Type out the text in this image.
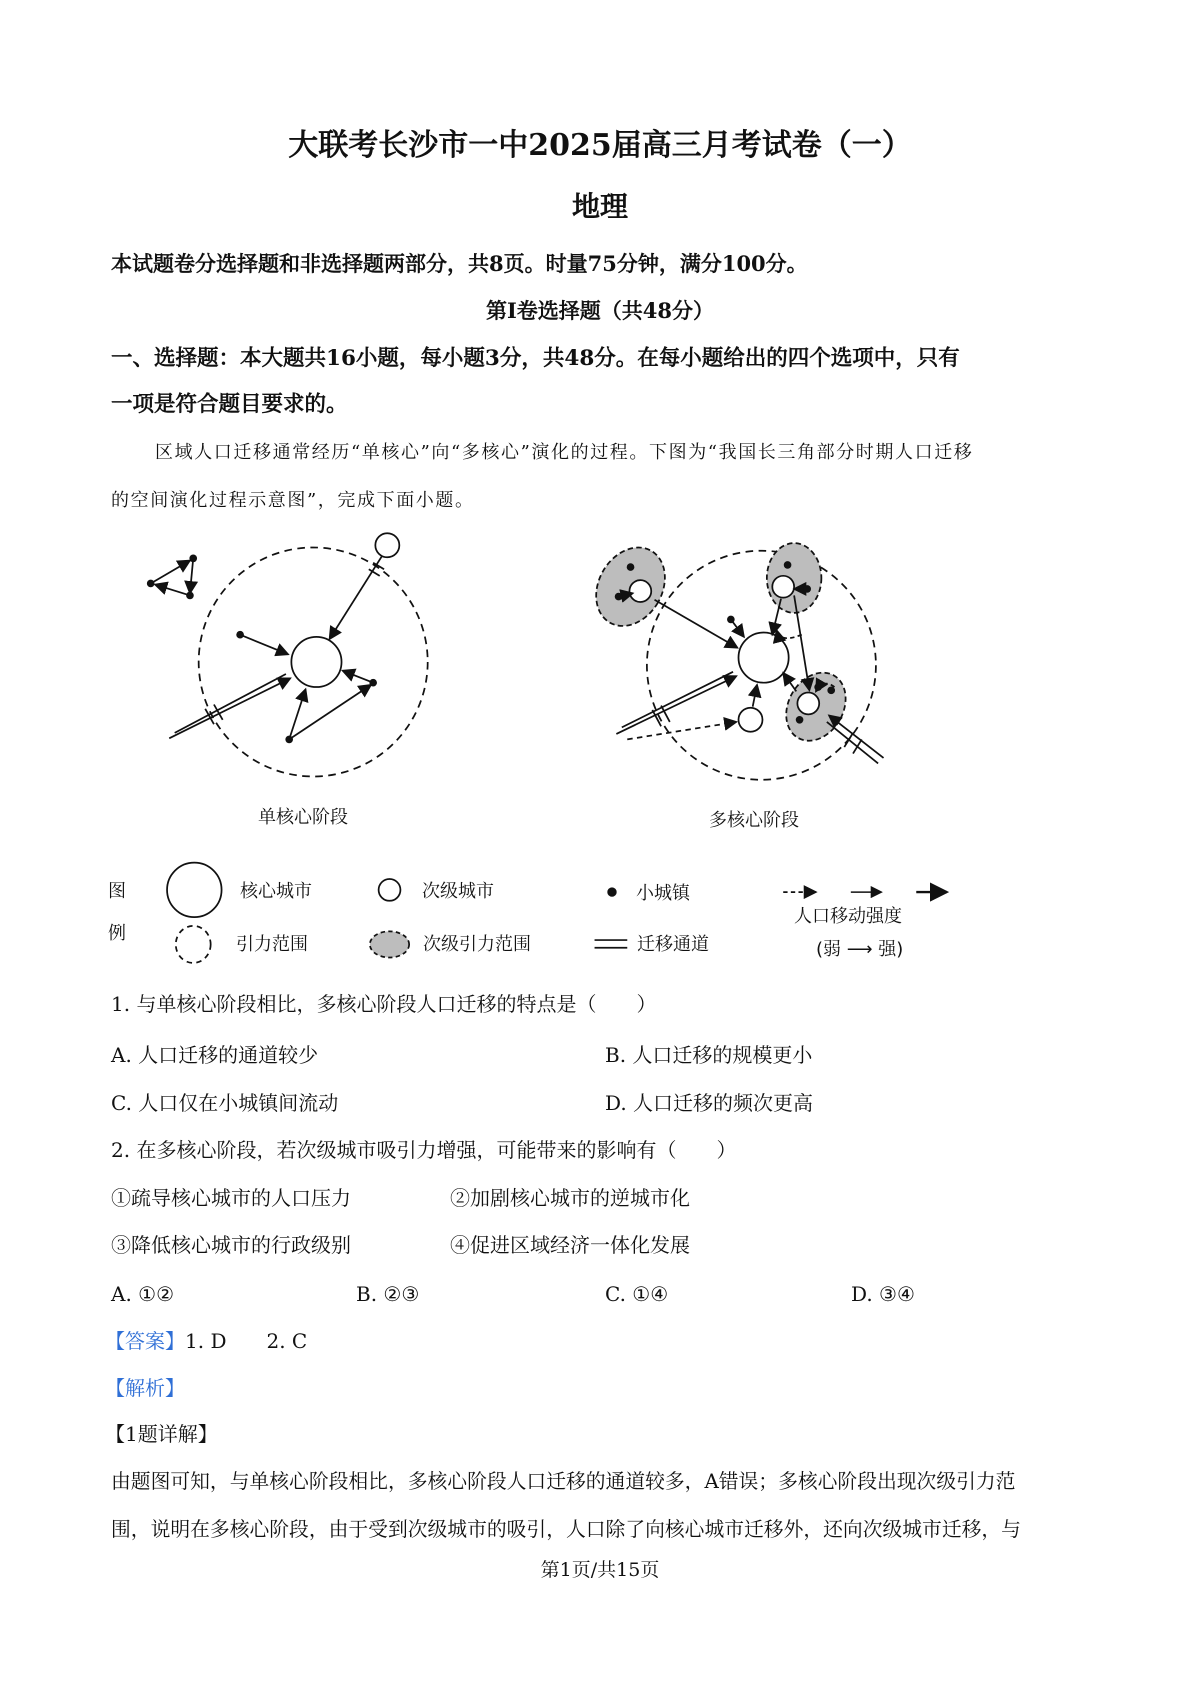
大联考长沙市一中2025届高三月考试卷（一）
地理
本试题卷分选择题和非选择题两部分，共8页。时量75分钟，满分100分。
第Ⅰ卷选择题（共48分）
一、选择题：本大题共16小题，每小题3分，共48分。在每小题给出的四个选项中，只有
一项是符合题目要求的。
区域人口迁移通常经历“单核心”向“多核心”演化的过程。下图为“我国长三角部分时期人口迁移
的空间演化过程示意图”，完成下面小题。
单核心阶段	多核心阶段
图
例
核心城市	次级城市	小城镇
人口移动强度
(弱 ⟶ 强)
引力范围	次级引力范围	迁移通道
1. 与单核心阶段相比，多核心阶段人口迁移的特点是（　　）
A. 人口迁移的通道较少	B. 人口迁移的规模更小
C. 人口仅在小城镇间流动	D. 人口迁移的频次更高
2. 在多核心阶段，若次级城市吸引力增强，可能带来的影响有（　　）
①疏导核心城市的人口压力	②加剧核心城市的逆城市化
③降低核心城市的行政级别	④促进区域经济一体化发展
A. ①②	B. ②③	C. ①④	D. ③④
【答案】1. D　　2. C
【解析】
【1题详解】
由题图可知，与单核心阶段相比，多核心阶段人口迁移的通道较多，A错误；多核心阶段出现次级引力范
围，说明在多核心阶段，由于受到次级城市的吸引，人口除了向核心城市迁移外，还向次级城市迁移，与
第1页/共15页
